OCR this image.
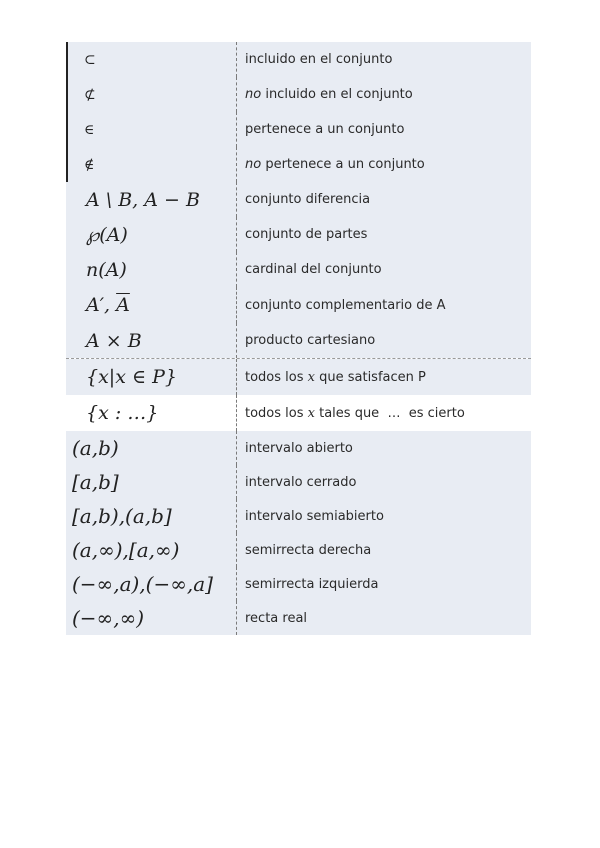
⊂	incluido en el conjunto
⊄	no incluido en el conjunto
∈	pertenece a un conjunto
∉	no pertenece a un conjunto
A \ B, A − B	conjunto diferencia
℘(A)	conjunto de partes
n(A)	cardinal del conjunto
A′, $\overline{A}$	conjunto complementario de A
A × B	producto cartesiano
{x|x ∈ P}	todos los x que satisfacen P
{x : …}	todos los x tales que  …  es cierto
(a,b)	intervalo abierto
[a,b]	intervalo cerrado
[a,b),(a,b]	intervalo semiabierto
(a,∞),[a,∞)	semirrecta derecha
(−∞,a),(−∞,a]	semirrecta izquierda
(−∞,∞)	recta real
